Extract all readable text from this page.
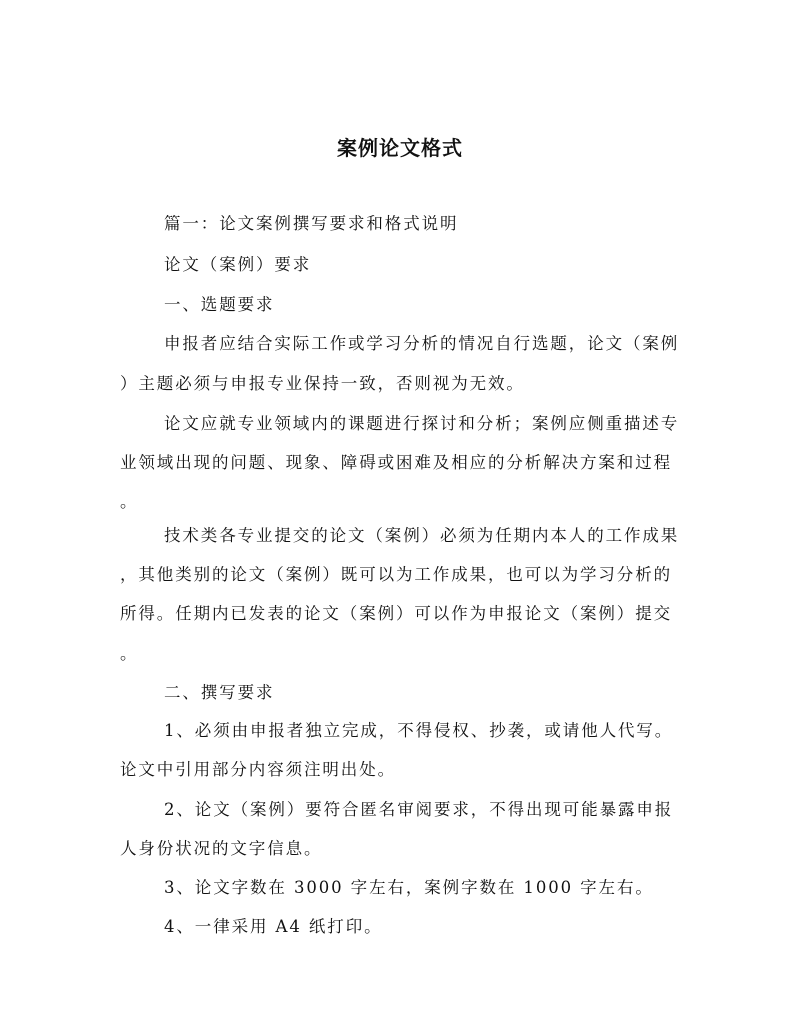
案例论文格式
篇一：论文案例撰写要求和格式说明
论文（案例）要求
一、选题要求
申报者应结合实际工作或学习分析的情况自行选题，论文（案例
）主题必须与申报专业保持一致，否则视为无效。
论文应就专业领域内的课题进行探讨和分析；案例应侧重描述专
业领域出现的问题、现象、障碍或困难及相应的分析解决方案和过程
。
技术类各专业提交的论文（案例）必须为任期内本人的工作成果
，其他类别的论文（案例）既可以为工作成果，也可以为学习分析的
所得。任期内已发表的论文（案例）可以作为申报论文（案例）提交
。
二、撰写要求
1、必须由申报者独立完成，不得侵权、抄袭，或请他人代写。
论文中引用部分内容须注明出处。
2、论文（案例）要符合匿名审阅要求，不得出现可能暴露申报
人身份状况的文字信息。
3、论文字数在 3000 字左右，案例字数在 1000 字左右。
4、一律采用 A4 纸打印。
